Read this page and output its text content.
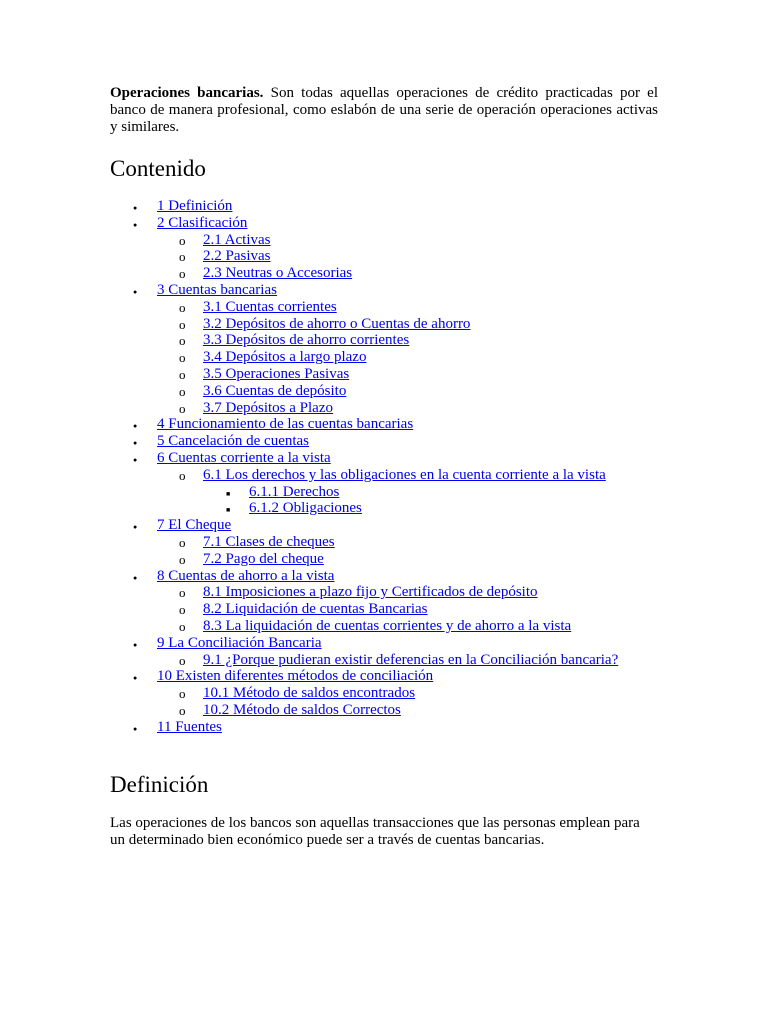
Operaciones bancarias. Son todas aquellas operaciones de crédito practicadas por el banco de manera profesional, como eslabón de una serie de operación operaciones activas y similares.

Contenido
●
1 Definición
●
2 Clasificación
o
2.1 Activas
o
2.2 Pasivas
o
2.3 Neutras o Accesorias
●
3 Cuentas bancarias
o
3.1 Cuentas corrientes
o
3.2 Depósitos de ahorro o Cuentas de ahorro
o
3.3 Depósitos de ahorro corrientes
o
3.4 Depósitos a largo plazo
o
3.5 Operaciones Pasivas
o
3.6 Cuentas de depósito
o
3.7 Depósitos a Plazo
●
4 Funcionamiento de las cuentas bancarias
●
5 Cancelación de cuentas
●
6 Cuentas corriente a la vista
o
6.1 Los derechos y las obligaciones en la cuenta corriente a la vista
■
6.1.1 Derechos
■
6.1.2 Obligaciones
●
7 El Cheque
o
7.1 Clases de cheques
o
7.2 Pago del cheque
●
8 Cuentas de ahorro a la vista
o
8.1 Imposiciones a plazo fijo y Certificados de depósito
o
8.2 Liquidación de cuentas Bancarias
o
8.3 La liquidación de cuentas corrientes y de ahorro a la vista
●
9 La Conciliación Bancaria
o
9.1 ¿Porque pudieran existir deferencias en la Conciliación bancaria?
●
10 Existen diferentes métodos de conciliación
o
10.1 Método de saldos encontrados
o
10.2 Método de saldos Correctos
●
11 Fuentes
Definición

Las operaciones de los bancos son aquellas transacciones que las personas emplean para un determinado bien económico puede ser a través de cuentas bancarias.
